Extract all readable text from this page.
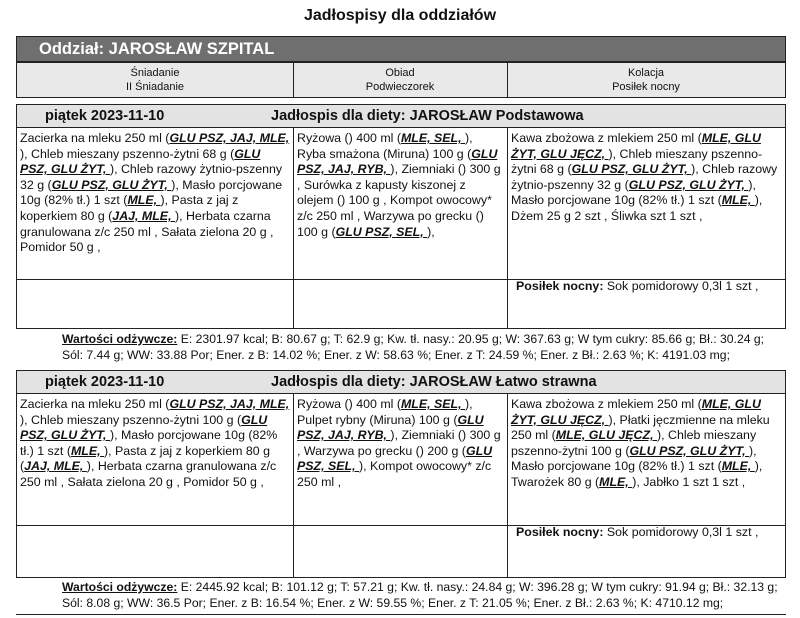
Jadłospisy dla oddziałów
Oddział: JAROSŁAW SZPITAL
Śniadanie
II Śniadanie
Obiad
Podwieczorek
Kolacja
Posiłek nocny
piątek 2023-11-10	Jadłospis dla diety: JAROSŁAW Podstawowa
Zacierka na mleku 250 ml (GLU PSZ, JAJ, MLE, ), Chleb mieszany pszenno-żytni 68 g (GLU PSZ, GLU ŻYT, ), Chleb razowy żytnio-pszenny 32 g (GLU PSZ, GLU ŻYT, ), Masło porcjowane 10g (82% tł.) 1 szt (MLE, ), Pasta z jaj z koperkiem 80 g (JAJ, MLE, ), Herbata czarna granulowana z/c 250 ml , Sałata zielona 20 g , Pomidor 50 g ,
Ryżowa () 400 ml (MLE, SEL, ), Ryba smażona (Miruna) 100 g (GLU PSZ, JAJ, RYB, ), Ziemniaki () 300 g , Surówka z kapusty kiszonej z olejem () 100 g , Kompot owocowy* z/c 250 ml , Warzywa po grecku () 100 g (GLU PSZ, SEL, ),
Kawa zbożowa z mlekiem 250 ml (MLE, GLU ŻYT, GLU JĘCZ, ), Chleb mieszany pszenno-żytni 68 g (GLU PSZ, GLU ŻYT, ), Chleb razowy żytnio-pszenny 32 g (GLU PSZ, GLU ŻYT, ), Masło porcjowane 10g (82% tł.) 1 szt (MLE, ), Dżem 25 g 2 szt , Śliwka szt 1 szt ,
Posiłek nocny: Sok pomidorowy 0,3l 1 szt ,
Wartości odżywcze: E: 2301.97 kcal; B: 80.67 g; T: 62.9 g; Kw. tł. nasy.: 20.95 g; W: 367.63 g; W tym cukry: 85.66 g; Bł.: 30.24 g; Sól: 7.44 g; WW: 33.88 Por; Ener. z B: 14.02 %; Ener. z W: 58.63 %; Ener. z T: 24.59 %; Ener. z Bł.: 2.63 %; K: 4191.03 mg;
piątek 2023-11-10	Jadłospis dla diety: JAROSŁAW Łatwo strawna
Zacierka na mleku 250 ml (GLU PSZ, JAJ, MLE, ), Chleb mieszany pszenno-żytni 100 g (GLU PSZ, GLU ŻYT, ), Masło porcjowane 10g (82% tł.) 1 szt (MLE, ), Pasta z jaj z koperkiem 80 g (JAJ, MLE, ), Herbata czarna granulowana z/c 250 ml , Sałata zielona 20 g , Pomidor 50 g ,
Ryżowa () 400 ml (MLE, SEL, ), Pulpet rybny (Miruna) 100 g (GLU PSZ, JAJ, RYB, ), Ziemniaki () 300 g , Warzywa po grecku () 200 g (GLU PSZ, SEL, ), Kompot owocowy* z/c 250 ml ,
Kawa zbożowa z mlekiem 250 ml (MLE, GLU ŻYT, GLU JĘCZ, ), Płatki jęczmienne na mleku 250 ml (MLE, GLU JĘCZ, ), Chleb mieszany pszenno-żytni 100 g (GLU PSZ, GLU ŻYT, ), Masło porcjowane 10g (82% tł.) 1 szt (MLE, ), Twarożek 80 g (MLE, ), Jabłko 1 szt 1 szt ,
Posiłek nocny: Sok pomidorowy 0,3l 1 szt ,
Wartości odżywcze: E: 2445.92 kcal; B: 101.12 g; T: 57.21 g; Kw. tł. nasy.: 24.84 g; W: 396.28 g; W tym cukry: 91.94 g; Bł.: 32.13 g; Sól: 8.08 g; WW: 36.5 Por; Ener. z B: 16.54 %; Ener. z W: 59.55 %; Ener. z T: 21.05 %; Ener. z Bł.: 2.63 %; K: 4710.12 mg;
